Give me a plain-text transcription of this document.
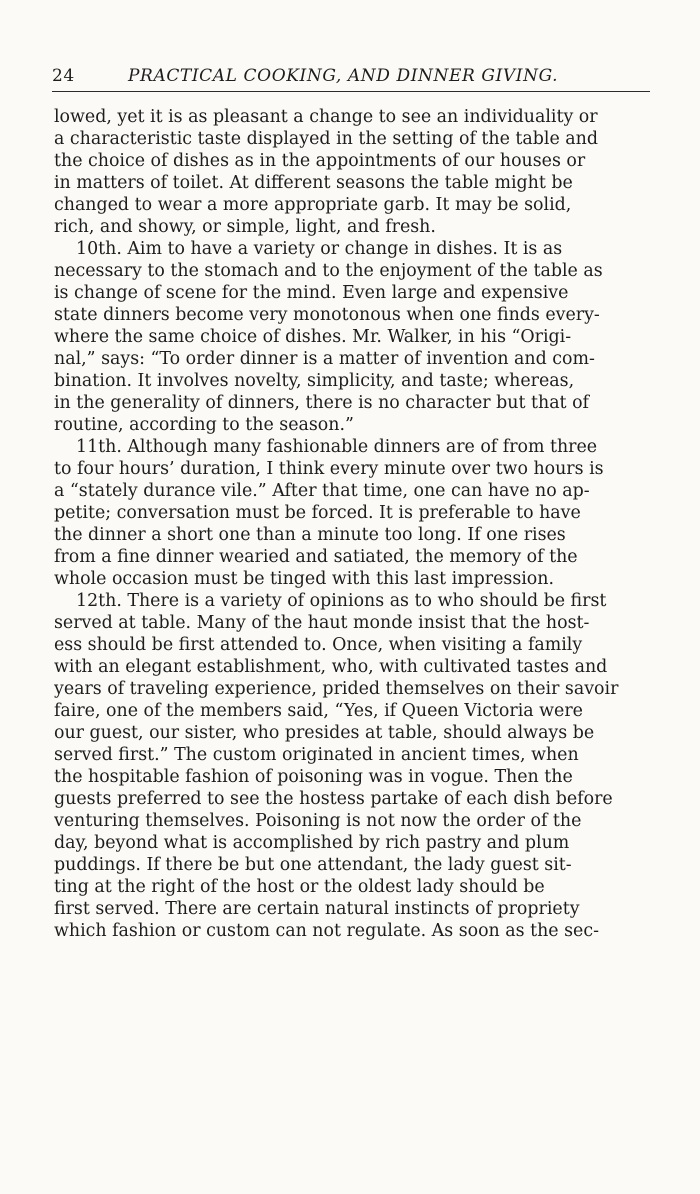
24	PRACTICAL COOKING, AND DINNER GIVING.
lowed, yet it is as pleasant a change to see an individuality or
a characteristic taste displayed in the setting of the table and
the choice of dishes as in the appointments of our houses or
in matters of toilet. At different seasons the table might be
changed to wear a more appropriate garb. It may be solid,
rich, and showy, or simple, light, and fresh.
10th. Aim to have a variety or change in dishes. It is as
necessary to the stomach and to the enjoyment of the table as
is change of scene for the mind. Even large and expensive
state dinners become very monotonous when one finds every-
where the same choice of dishes. Mr. Walker, in his “Origi-
nal,” says: “To order dinner is a matter of invention and com-
bination. It involves novelty, simplicity, and taste; whereas,
in the generality of dinners, there is no character but that of
routine, according to the season.”
11th. Although many fashionable dinners are of from three
to four hours’ duration, I think every minute over two hours is
a “stately durance vile.” After that time, one can have no ap-
petite; conversation must be forced. It is preferable to have
the dinner a short one than a minute too long. If one rises
from a fine dinner wearied and satiated, the memory of the
whole occasion must be tinged with this last impression.
12th. There is a variety of opinions as to who should be first
served at table. Many of the haut monde insist that the host-
ess should be first attended to. Once, when visiting a family
with an elegant establishment, who, with cultivated tastes and
years of traveling experience, prided themselves on their savoir
faire, one of the members said, “Yes, if Queen Victoria were
our guest, our sister, who presides at table, should always be
served first.” The custom originated in ancient times, when
the hospitable fashion of poisoning was in vogue. Then the
guests preferred to see the hostess partake of each dish before
venturing themselves. Poisoning is not now the order of the
day, beyond what is accomplished by rich pastry and plum
puddings. If there be but one attendant, the lady guest sit-
ting at the right of the host or the oldest lady should be
first served. There are certain natural instincts of propriety
which fashion or custom can not regulate. As soon as the sec-
